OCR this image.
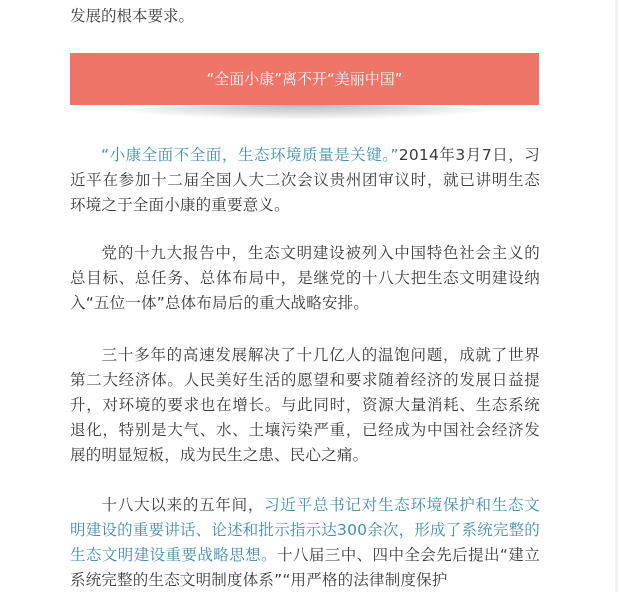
发展的根本要求。

“全面小康”离不开“美丽中国”

“小康全面不全面，生态环境质量是关键。”2014年3月7日，习近平在参加十二届全国人大二次会议贵州团审议时，就已讲明生态环境之于全面小康的重要意义。

党的十九大报告中，生态文明建设被列入中国特色社会主义的总目标、总任务、总体布局中，是继党的十八大把生态文明建设纳入“五位一体”总体布局后的重大战略安排。

三十多年的高速发展解决了十几亿人的温饱问题，成就了世界第二大经济体。人民美好生活的愿望和要求随着经济的发展日益提升，对环境的要求也在增长。与此同时，资源大量消耗、生态系统退化，特别是大气、水、土壤污染严重，已经成为中国社会经济发展的明显短板，成为民生之患、民心之痛。

十八大以来的五年间，习近平总书记对生态环境保护和生态文明建设的重要讲话、论述和批示指示达300余次，形成了系统完整的生态文明建设重要战略思想。十八届三中、四中全会先后提出“建立系统完整的生态文明制度体系”“用严格的法律制度保护
